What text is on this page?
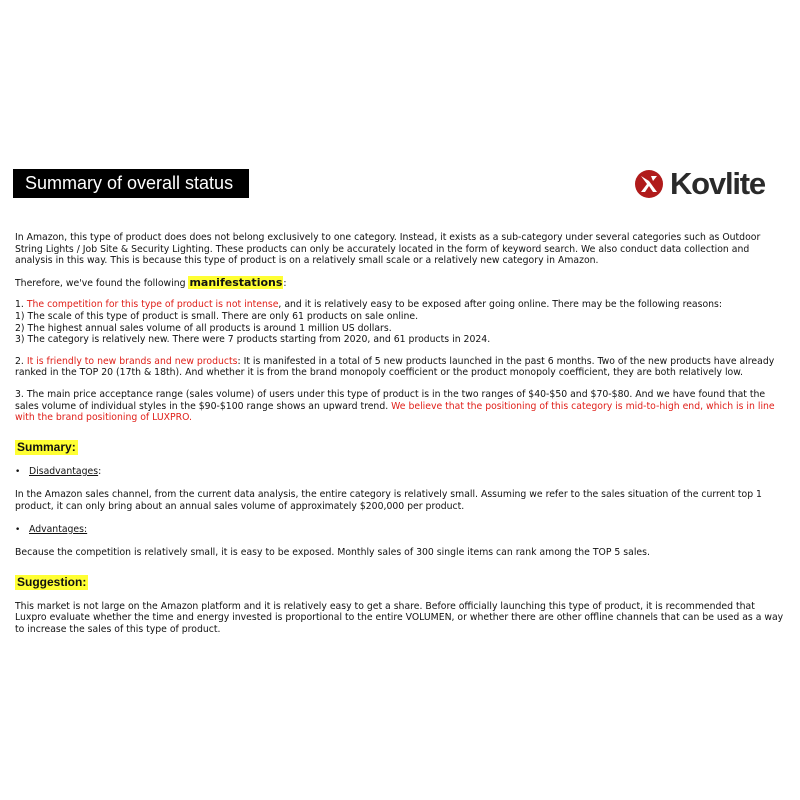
Summary of overall status	Kovlite

In Amazon, this type of product does does not belong exclusively to one category. Instead, it exists as a sub-category under several categories such as Outdoor String Lights / Job Site & Security Lighting. These products can only be accurately located in the form of keyword search. We also conduct data collection and analysis in this way. This is because this type of product is on a relatively small scale or a relatively new category in Amazon.

Therefore, we've found the following manifestations:

1. The competition for this type of product is not intense, and it is relatively easy to be exposed after going online. There may be the following reasons:

1) The scale of this type of product is small. There are only 61 products on sale online.

2) The highest annual sales volume of all products is around 1 million US dollars.

3) The category is relatively new. There were 7 products starting from 2020, and 61 products in 2024.

2. It is friendly to new brands and new products: It is manifested in a total of 5 new products launched in the past 6 months. Two of the new products have already ranked in the TOP 20 (17th & 18th). And whether it is from the brand monopoly coefficient or the product monopoly coefficient, they are both relatively low.

3. The main price acceptance range (sales volume) of users under this type of product is in the two ranges of $40-$50 and $70-$80. And we have found that the sales volume of individual styles in the $90-$100 range shows an upward trend. We believe that the positioning of this category is mid-to-high end, which is in line with the brand positioning of LUXPRO.

Summary:
• Disadvantages:

In the Amazon sales channel, from the current data analysis, the entire category is relatively small. Assuming we refer to the sales situation of the current top 1 product, it can only bring about an annual sales volume of approximately $200,000 per product.

• Advantages:

Because the competition is relatively small, it is easy to be exposed. Monthly sales of 300 single items can rank among the TOP 5 sales.

Suggestion:

This market is not large on the Amazon platform and it is relatively easy to get a share. Before officially launching this type of product, it is recommended that Luxpro evaluate whether the time and energy invested is proportional to the entire VOLUMEN, or whether there are other offline channels that can be used as a way to increase the sales of this type of product.
